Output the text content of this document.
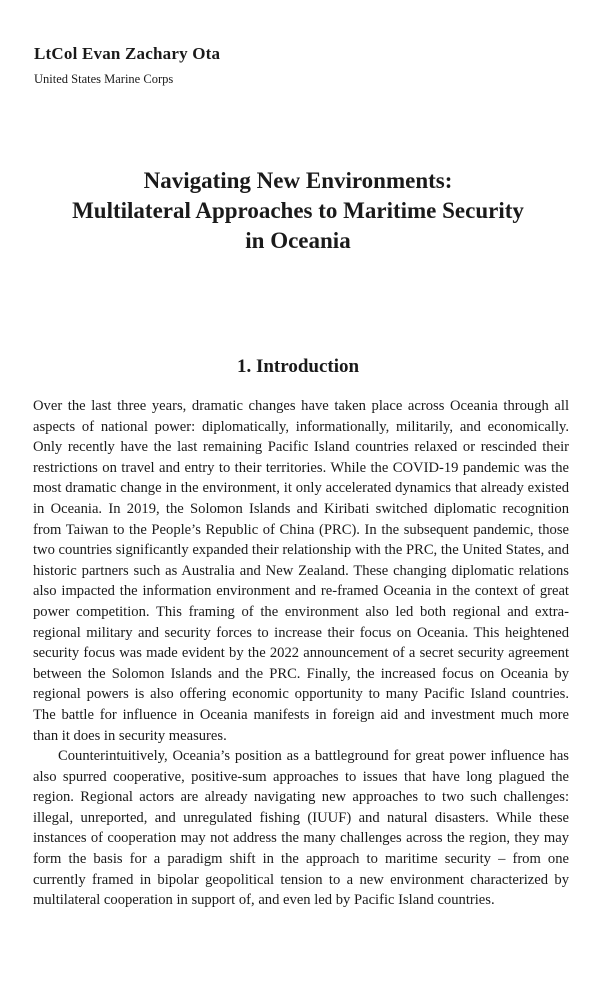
LtCol Evan Zachary Ota
United States Marine Corps
Navigating New Environments:
Multilateral Approaches to Maritime Security
in Oceania
1. Introduction

Over the last three years, dramatic changes have taken place across Oceania through all aspects of national power: diplomatically, informationally, militarily, and economically. Only recently have the last remaining Pacific Island countries relaxed or rescinded their restrictions on travel and entry to their territories. While the COVID-19 pandemic was the most dramatic change in the environment, it only accelerated dynamics that already existed in Oceania. In 2019, the Solomon Islands and Kiribati switched diplomatic recognition from Taiwan to the People’s Republic of China (PRC). In the subsequent pandemic, those two countries significantly expanded their relationship with the PRC, the United States, and historic partners such as Australia and New Zealand. These changing diplomatic relations also impacted the information environment and re-framed Oceania in the context of great power competition. This framing of the environment also led both regional and extra-regional military and security forces to increase their focus on Oceania. This heightened security focus was made evident by the 2022 announcement of a secret security agreement between the Solomon Islands and the PRC. Finally, the increased focus on Oceania by regional powers is also offering economic opportunity to many Pacific Island countries. The battle for influence in Oceania manifests in foreign aid and investment much more than it does in security measures.

Counterintuitively, Oceania’s position as a battleground for great power influence has also spurred cooperative, positive-sum approaches to issues that have long plagued the region. Regional actors are already navigating new approaches to two such challenges: illegal, unreported, and unregulated fishing (IUUF) and natural disasters. While these instances of cooperation may not address the many challenges across the region, they may form the basis for a paradigm shift in the approach to maritime security – from one currently framed in bipolar geopolitical tension to a new environment characterized by multilateral cooperation in support of, and even led by Pacific Island countries.
